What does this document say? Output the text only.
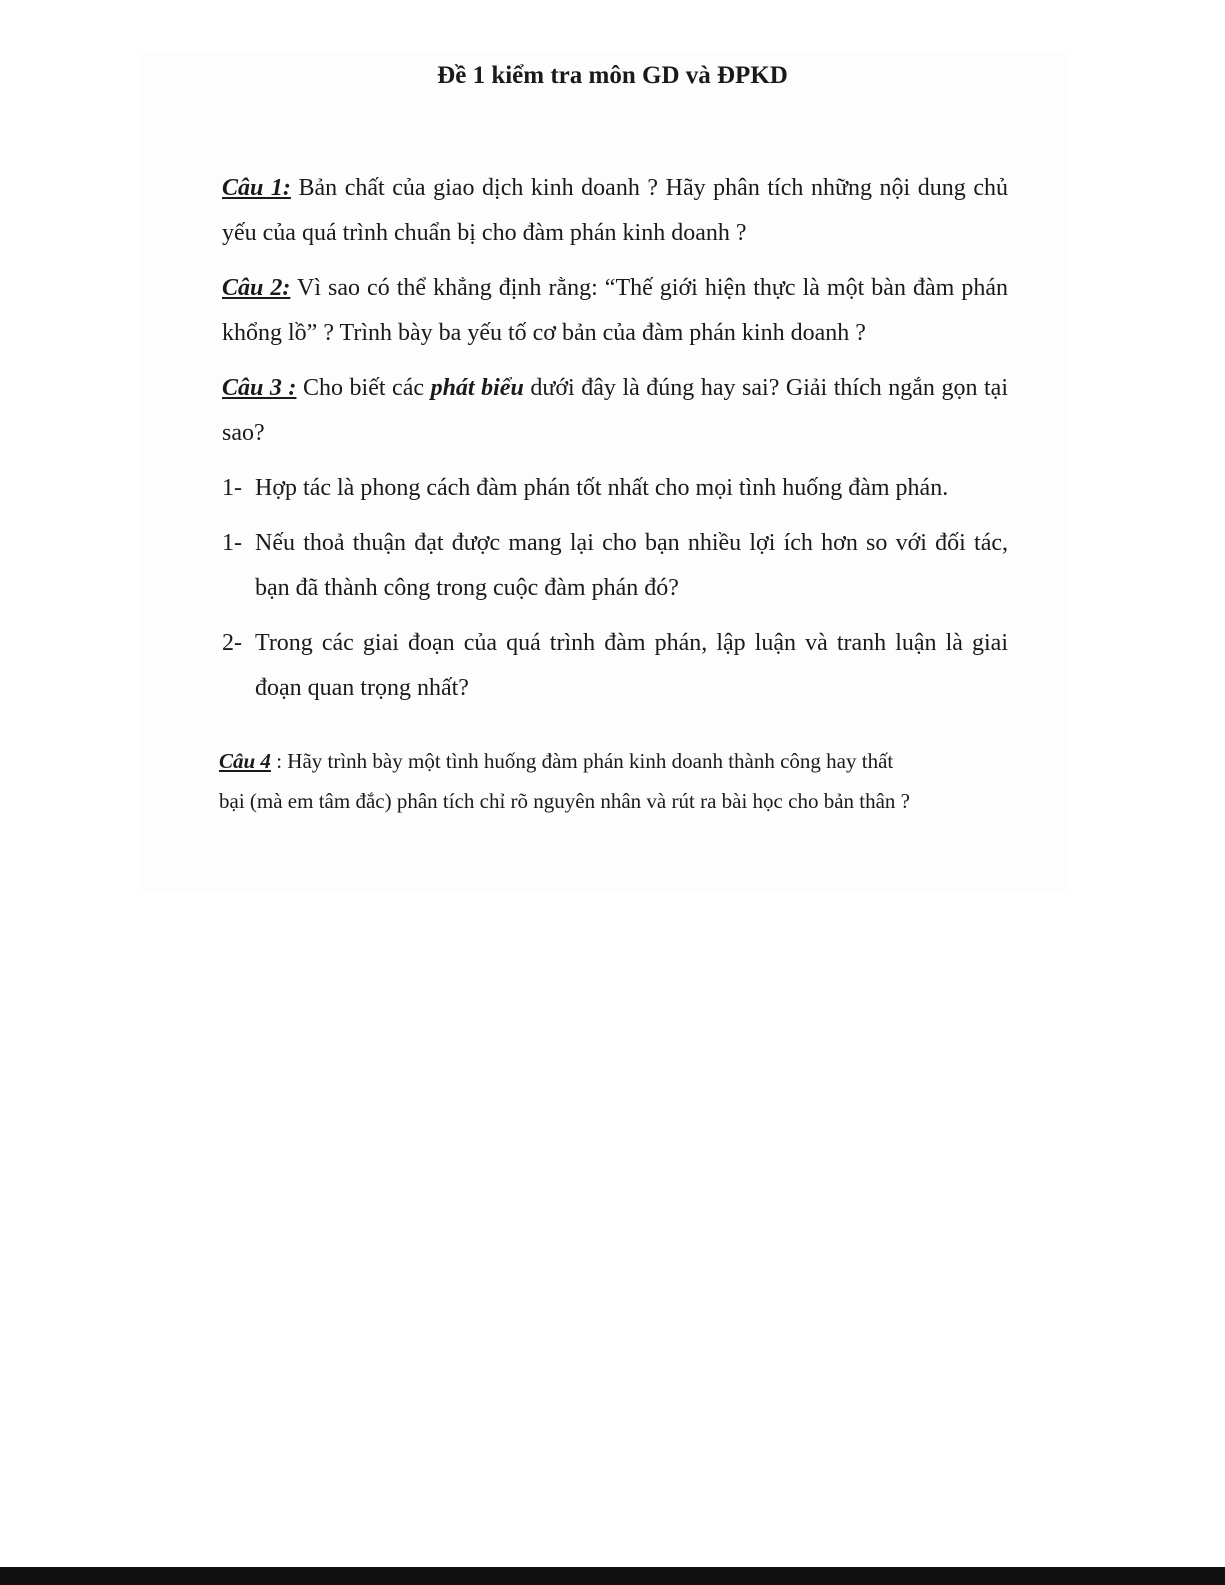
Đề 1 kiểm tra môn GD và ĐPKD

Câu 1: Bản chất của giao dịch kinh doanh ? Hãy phân tích những nội dung chủ yếu của quá trình chuẩn bị cho đàm phán kinh doanh ?

Câu 2: Vì sao có thể khẳng định rằng: “Thế giới hiện thực là một bàn đàm phán khổng lồ” ? Trình bày ba yếu tố cơ bản của đàm phán kinh doanh ?

Câu 3 : Cho biết các phát biểu dưới đây là đúng hay sai? Giải thích ngắn gọn tại sao?

1- Hợp tác là phong cách đàm phán tốt nhất cho mọi tình huống đàm phán.
1- Nếu thoả thuận đạt được mang lại cho bạn nhiều lợi ích hơn so với đối tác, bạn đã thành công trong cuộc đàm phán đó?
2- Trong các giai đoạn của quá trình đàm phán, lập luận và tranh luận là giai đoạn quan trọng nhất?
Câu 4 : Hãy trình bày một tình huống đàm phán kinh doanh thành công hay thất bại (mà em tâm đắc) phân tích chỉ rõ nguyên nhân và rút ra bài học cho bản thân ?
